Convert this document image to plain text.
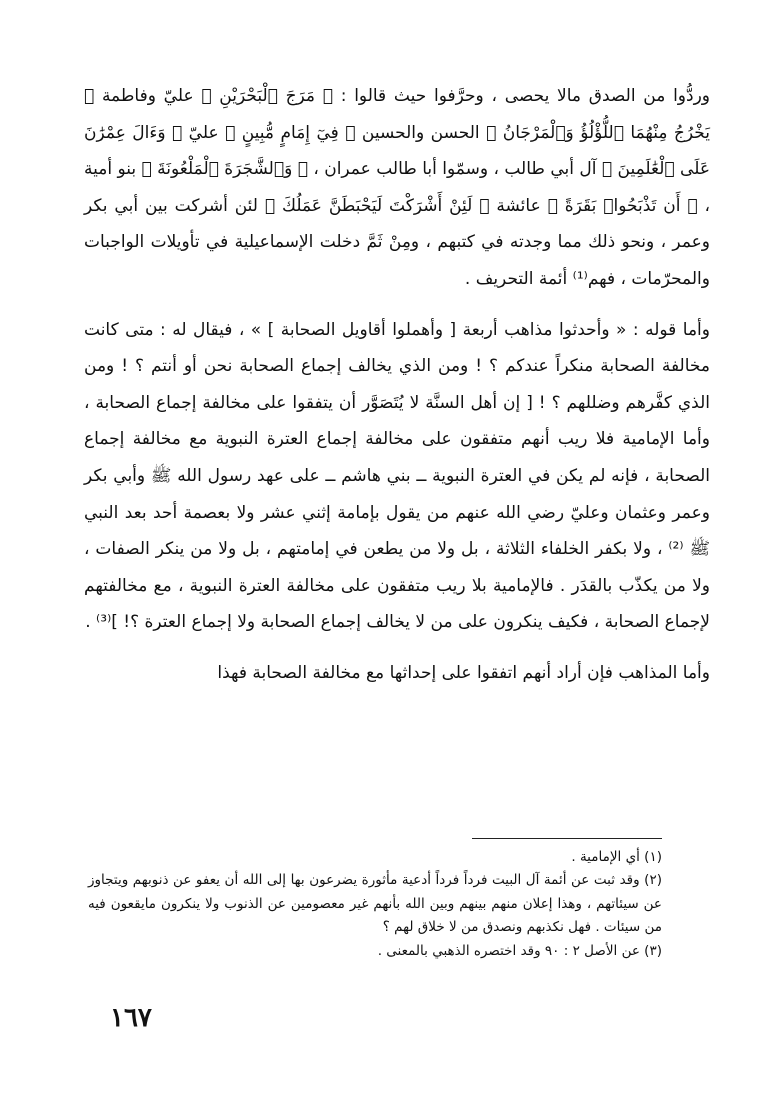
وردُّوا من الصدق مالا يحصى ، وحرَّفوا حيث قالوا : ﴿ مَرَجَ ٱلْبَحْرَيْنِ ﴾ عليّ وفاطمة ﴿ يَخْرُجُ مِنْهُمَا ٱللُّؤْلُؤُ وَٱلْمَرْجَانُ ﴾ الحسن والحسين ﴿ فِيٓ إِمَامٍ مُّبِينٍ ﴾ عليّ ﴿ وَءَالَ عِمْرَٰنَ عَلَى ٱلْعَٰلَمِينَ ﴾ آل أبي طالب ، وسمّوا أبا طالب عمران ، ﴿ وَٱلشَّجَرَةَ ٱلْمَلْعُونَةَ ﴾ بنو أمية ، ﴿ أَن تَذْبَحُوا۟ بَقَرَةً ﴾ عائشة ﴿ لَئِنْ أَشْرَكْتَ لَيَحْبَطَنَّ عَمَلُكَ ﴾ لئن أشركت بين أبي بكر وعمر ، ونحو ذلك مما وجدته في كتبهم ، ومِنْ ثَمَّ دخلت الإسماعيلية في تأويلات الواجبات والمحرّمات ، فهم⁽¹⁾ أئمة التحريف .

وأما قوله : « وأحدثوا مذاهب أربعة [ وأهملوا أقاويل الصحابة ] » ، فيقال له : متى كانت مخالفة الصحابة منكراً عندكم ؟ ! ومن الذي يخالف إجماع الصحابة نحن أو أنتم ؟ ! ومن الذي كفَّرهم وضللهم ؟ ! [ إن أهل السنَّة لا يُتَصَوَّر أن يتفقوا على مخالفة إجماع الصحابة ، وأما الإمامية فلا ريب أنهم متفقون على مخالفة إجماع العترة النبوية مع مخالفة إجماع الصحابة ، فإنه لم يكن في العترة النبوية ــ بني هاشم ــ على عهد رسول الله ﷺ وأبي بكر وعمر وعثمان وعليّ رضي الله عنهم من يقول بإمامة إثني عشر ولا بعصمة أحد بعد النبي ﷺ ⁽²⁾ ، ولا بكفر الخلفاء الثلاثة ، بل ولا من يطعن في إمامتهم ، بل ولا من ينكر الصفات ، ولا من يكذّب بالقدَر . فالإمامية بلا ريب متفقون على مخالفة العترة النبوية ، مع مخالفتهم لإجماع الصحابة ، فكيف ينكرون على من لا يخالف إجماع الصحابة ولا إجماع العترة ؟! ]⁽³⁾ .

وأما المذاهب فإن أراد أنهم اتفقوا على إحداثها مع مخالفة الصحابة فهذا

(١) أي الإمامية .

(٢) وقد ثبت عن أئمة آل البيت فرداً فرداً أدعية مأثورة يضرعون بها إلى الله أن يعفو عن ذنوبهم ويتجاوز عن سيئاتهم ، وهذا إعلان منهم بينهم وبين الله بأنهم غير معصومين عن الذنوب ولا ينكرون مايقعون فيه من سيئات . فهل نكذبهم ونصدق من لا خلاق لهم ؟

(٣) عن الأصل ٢ : ٩٠ وقد اختصره الذهبي بالمعنى .

١٦٧
